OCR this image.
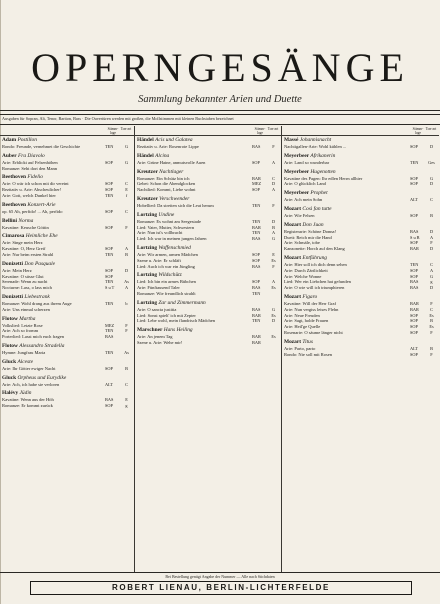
OPERNGESÄNGE
Sammlung bekannter Arien und Duette
Ausgaben für Sopran, Alt, Tenor, Bariton, Bass · Die Ouvertüren werden mit großen, die Mollstimmen mit kleinen Buchstaben bezeichnet
Stimm-lage
Ton-art
Adam Postillon
Rondo: Freunde, vernehmet die Geschichte	TEN	G
Auber Fra Diavolo
Arie: Erblickt auf Felsenhöhen	SOP	G
Romanze: Seht dort den Mann
Beethoven Fidelio
Arie: O wär ich schon mit dir vereint	SOP	C
Rezitativ u. Arie: Abscheulicher!	SOP	E
Arie: Gott, welch Dunkel hier	TEN	f
Beethoven Konzert-Arie
op. 65 Ah, perfido! ... Ah, perfido	SOP	C
Bellini Norma
Kavatine: Keusche Göttin	SOP	F
Cimarosa Heimliche Ehe
Arie: Singe mein Herz
Kavatine: O, Herz Greif	SOP	A
Arie: Nur beim ersten Strahl	TEN	B
Donizetti Don Pasquale
Arie: Mein Herz	SOP	D
Kavatine: O süsse Glut	SOP
Serenade: Wenn zu nacht	TEN	As
Nocturne: Lass, o lass mich	S u T	A
Donizetti Liebestrank
Romanze: Wohl drang aus ihrem Auge	TEN	b
Arie: Uns einmal scherzen
Flotow Martha
Volkslied: Letzte Rose	MEZ	F
Arie: Ach so fromm	TEN	F
Porterlied: Lasst mich euch fragen	BAS
Flotow Alessandro Stradella
Hymne: Jungfrau Maria	TEN	As
Gluck Alceste
Arie: Ihr Götter ewiger Nacht	SOP	B
Gluck Orpheus und Eurydike
Arie: Ach, ich habe sie verloren	ALT	C
Halévy Jüdin
Kavatine: Wenn aus der Höh	BAS	E
Romanze: Er kommt zurück	SOP	g
Stimm-lage
Ton-art
Händel Acis und Galatea
Rezitativ u. Arie: Rosenrote Lippe	BAS	F
Händel Alcina
Arie: Grüne Haine, anmutsvolle Auen	SOP	A
Kreutzer Nachtlager
Romanze: Ein Schütz bin ich	BAR	C
Gebet: Schon die Abendglocken	MEZ	D
Nachtlied: Kommt, Liebe wohnt	SOP	A
Kreutzer Verschwender
Hobellied: Da streiten sich die Leut herum	TEN	F
Lortzing Undine
Romanze: Es wohnt am Seegestade	TEN	D
Lied: Vater, Mutter, Schwestern	BAR	B
Arie: Nun ist's vollbracht	TEN	A
Lied: Ich war in meinen jungen Jahren	BAS	G
Lortzing Waffenschmied
Arie: Wir armen, armen Mädchen	SOP	E
Szene u. Arie: Er schläft	SOP	Es
Lied: Auch ich war ein Jüngling	BAS	F
Lortzing Wildschütz
Lied: Ich bin ein armes Bübchen	SOP	A
Arie: Fünftausend Taler	BAS	Es
Romanze: Wie freundlich strahlt	TEN
Lortzing Zar und Zimmermann
Arie: O sancta justitia	BAS	G
Lied: Sonst spielt' ich mit Zepter	BAR	Es
Lied: Lebe wohl, mein flandrisch Mädchen	TEN	D
Marschner Hans Heiling
Arie: An jenem Tag	BAR	Es
Szene u. Arie: Wehe mir!	BAR
Stimm-lage
Ton-art
Massé Johannisnacht
Nachtigallen-Arie: Wohl kühlen ...	SOP	D
Meyerbeer Afrikanerin
Arie: Land so wunderbar	TEN	Ges
Meyerbeer Hugenotten
Kavatine des Pagen: Ihr edlen Herrn allhier	SOP	G
Arie: O glücklich Land	SOP	D
Meyerbeer Prophet
Arie: Ach mein Sohn	ALT	C
Mozart Così fan tutte
Arie: Wie Felsen	SOP	B
Mozart Don Juan
Registerarie: Schöne Donna!	BAS	D
Duett: Reich mir die Hand	S u B	A
Arie: Schmäle, tobe	SOP	F
Kanzonette: Horch auf den Klang	BAR	D
Mozart Entführung
Arie: Hier soll ich dich denn sehen	TEN	C
Arie: Durch Zärtlichkeit	SOP	A
Arie: Welche Wonne	SOP	G
Lied: Wer ein Liebchen hat gefunden	BAS	g
Arie: O wie will ich triumphieren	BAS	D
Mozart Figaro
Kavatine: Will der Herr Graf	BAR	F
Arie: Nun vergiss leises Flehn	BAR	C
Arie: Neue Freuden	SOP	Es
Arie: Sagt, holde Frauen	SOP	B
Arie: Heil'ge Quelle	SOP	Es
Rosenarie: O säume länger nicht	SOP	F
Mozart Titus
Arie: Parto, parto	ALT	B
Rondo: Nie soll mit Rosen	SOP	F
Bei Bestellung genügt Angabe der Nummer — Alle nach Stichdaten
ROBERT LIENAU, BERLIN-LICHTERFELDE
